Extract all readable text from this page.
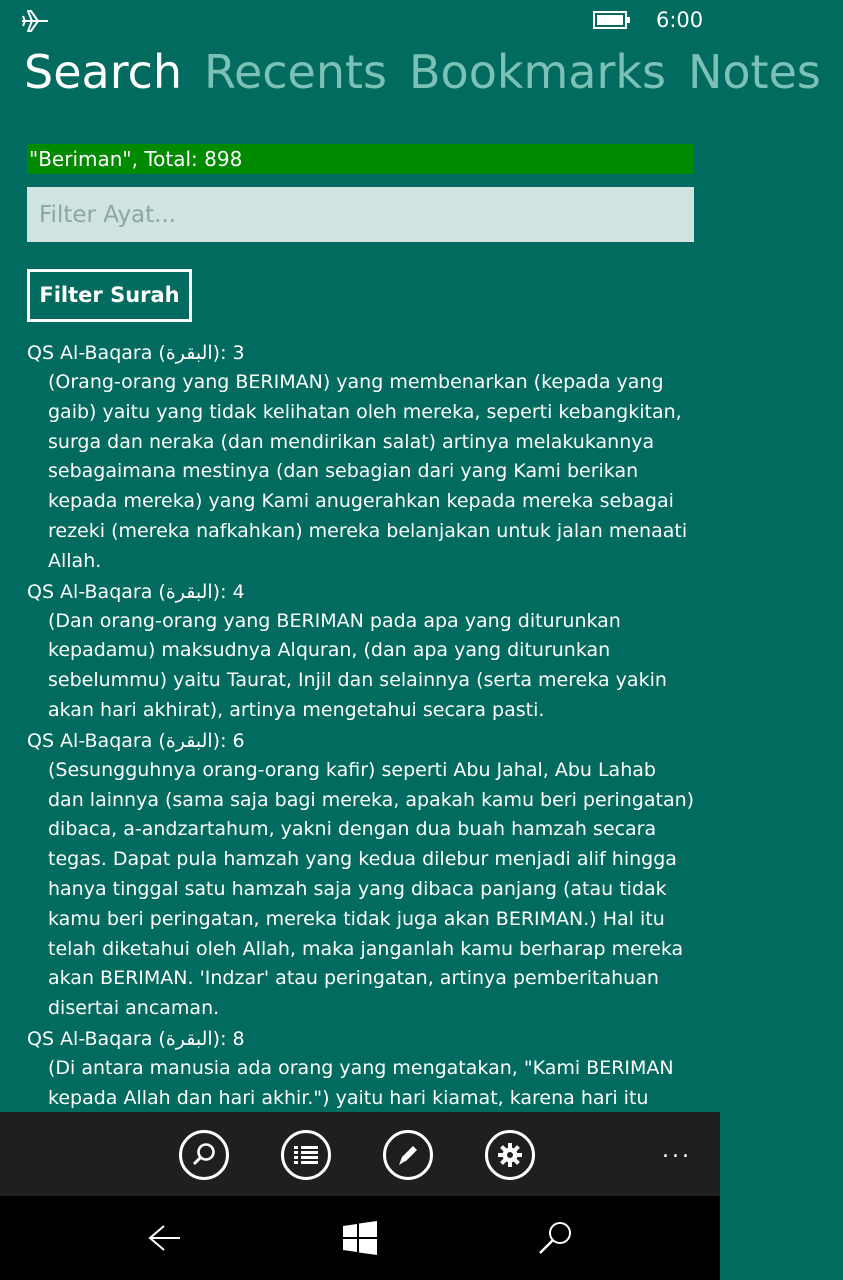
6:00
Search Recents Bookmarks Notes
"Beriman", Total: 898
Filter Ayat...
Filter Surah
QS Al-Baqara (البقرة): 3
(Orang-orang yang BERIMAN) yang membenarkan (kepada yang gaib) yaitu yang tidak kelihatan oleh mereka, seperti kebangkitan, surga dan neraka (dan mendirikan salat) artinya melakukannya sebagaimana mestinya (dan sebagian dari yang Kami berikan kepada mereka) yang Kami anugerahkan kepada mereka sebagai rezeki (mereka nafkahkan) mereka belanjakan untuk jalan menaati Allah.
QS Al-Baqara (البقرة): 4
(Dan orang-orang yang BERIMAN pada apa yang diturunkan kepadamu) maksudnya Alquran, (dan apa yang diturunkan sebelummu) yaitu Taurat, Injil dan selainnya (serta mereka yakin akan hari akhirat), artinya mengetahui secara pasti.
QS Al-Baqara (البقرة): 6
(Sesungguhnya orang-orang kafir) seperti Abu Jahal, Abu Lahab dan lainnya (sama saja bagi mereka, apakah kamu beri peringatan) dibaca, a-andzartahum, yakni dengan dua buah hamzah secara tegas. Dapat pula hamzah yang kedua dilebur menjadi alif hingga hanya tinggal satu hamzah saja yang dibaca panjang (atau tidak kamu beri peringatan, mereka tidak juga akan BERIMAN.) Hal itu telah diketahui oleh Allah, maka janganlah kamu berharap mereka akan BERIMAN. 'Indzar' atau peringatan, artinya pemberitahuan disertai ancaman.
QS Al-Baqara (البقرة): 8
(Di antara manusia ada orang yang mengatakan, "Kami BERIMAN kepada Allah dan hari akhir.") yaitu hari kiamat, karena hari itu
...
